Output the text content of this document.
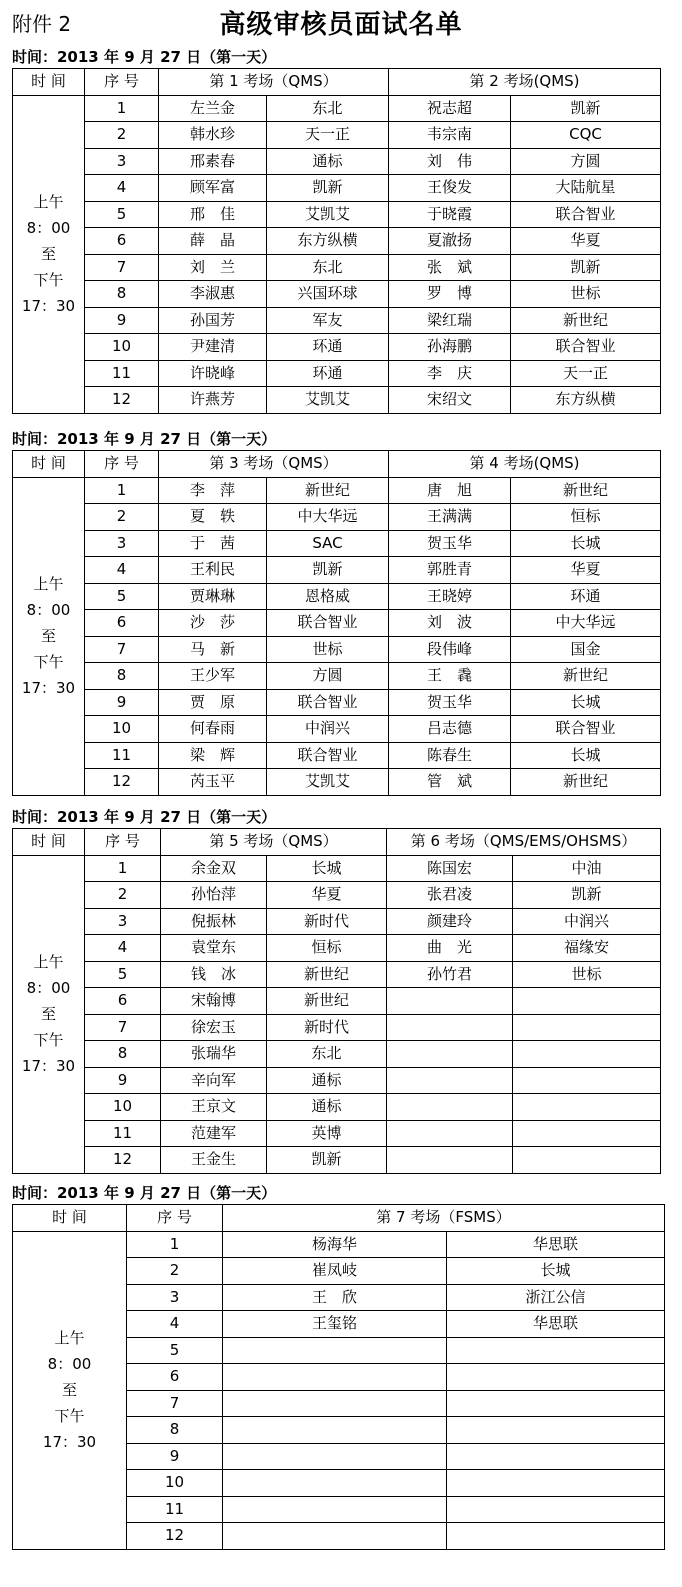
附件 2	高级审核员面试名单
时间：2013 年 9 月 27 日（第一天）
时 间	序 号	第 1 考场（QMS）		第 2 考场(QMS)	

上午
8：00
至
下午
17：30	1	左兰金	东北	祝志超	凯新
	2	韩水珍	天一正	韦宗南	CQC
	3	邢素春	通标	刘　伟	方圆
	4	顾军富	凯新	王俊发	大陆航星
	5	邢　佳	艾凯艾	于晓霞	联合智业
	6	薛　晶	东方纵横	夏澈扬	华夏
	7	刘　兰	东北	张　斌	凯新
	8	李淑惠	兴国环球	罗　博	世标
	9	孙国芳	军友	梁红瑞	新世纪
	10	尹建清	环通	孙海鹏	联合智业
	11	许晓峰	环通	李　庆	天一正
	12	许燕芳	艾凯艾	宋绍文	东方纵横
时间：2013 年 9 月 27 日（第一天）
时 间	序 号	第 3 考场（QMS）		第 4 考场(QMS)	

上午
8：00
至
下午
17：30	1	李　萍	新世纪	唐　旭	新世纪
	2	夏　轶	中大华远	王满满	恒标
	3	于　茜	SAC	贺玉华	长城
	4	王利民	凯新	郭胜青	华夏
	5	贾琳琳	恩格威	王晓婷	环通
	6	沙　莎	联合智业	刘　波	中大华远
	7	马　新	世标	段伟峰	国金
	8	王少军	方圆	王　毳	新世纪
	9	贾　原	联合智业	贺玉华	长城
	10	何春雨	中润兴	吕志德	联合智业
	11	梁　辉	联合智业	陈春生	长城
	12	芮玉平	艾凯艾	管　斌	新世纪
时间：2013 年 9 月 27 日（第一天）
时 间	序 号	第 5 考场（QMS）		第 6 考场（QMS/EMS/OHSMS）	

上午
8：00
至
下午
17：30	1	余金双	长城	陈国宏	中油
	2	孙怡萍	华夏	张君凌	凯新
	3	倪振林	新时代	颜建玲	中润兴
	4	袁堂东	恒标	曲　光	福缘安
	5	钱　冰	新世纪	孙竹君	世标
	6	宋翰博	新世纪		
	7	徐宏玉	新时代		
	8	张瑞华	东北		
	9	辛向军	通标		
	10	王京文	通标		
	11	范建军	英博		
	12	王金生	凯新		
时间：2013 年 9 月 27 日（第一天）
时 间	序 号	第 7 考场（FSMS）	

上午
8：00
至
下午
17：30	1	杨海华	华思联
	2	崔凤岐	长城
	3	王　欣	浙江公信
	4	王玺铭	华思联
	5		
	6		
	7		
	8		
	9		
	10		
	11		
	12		
